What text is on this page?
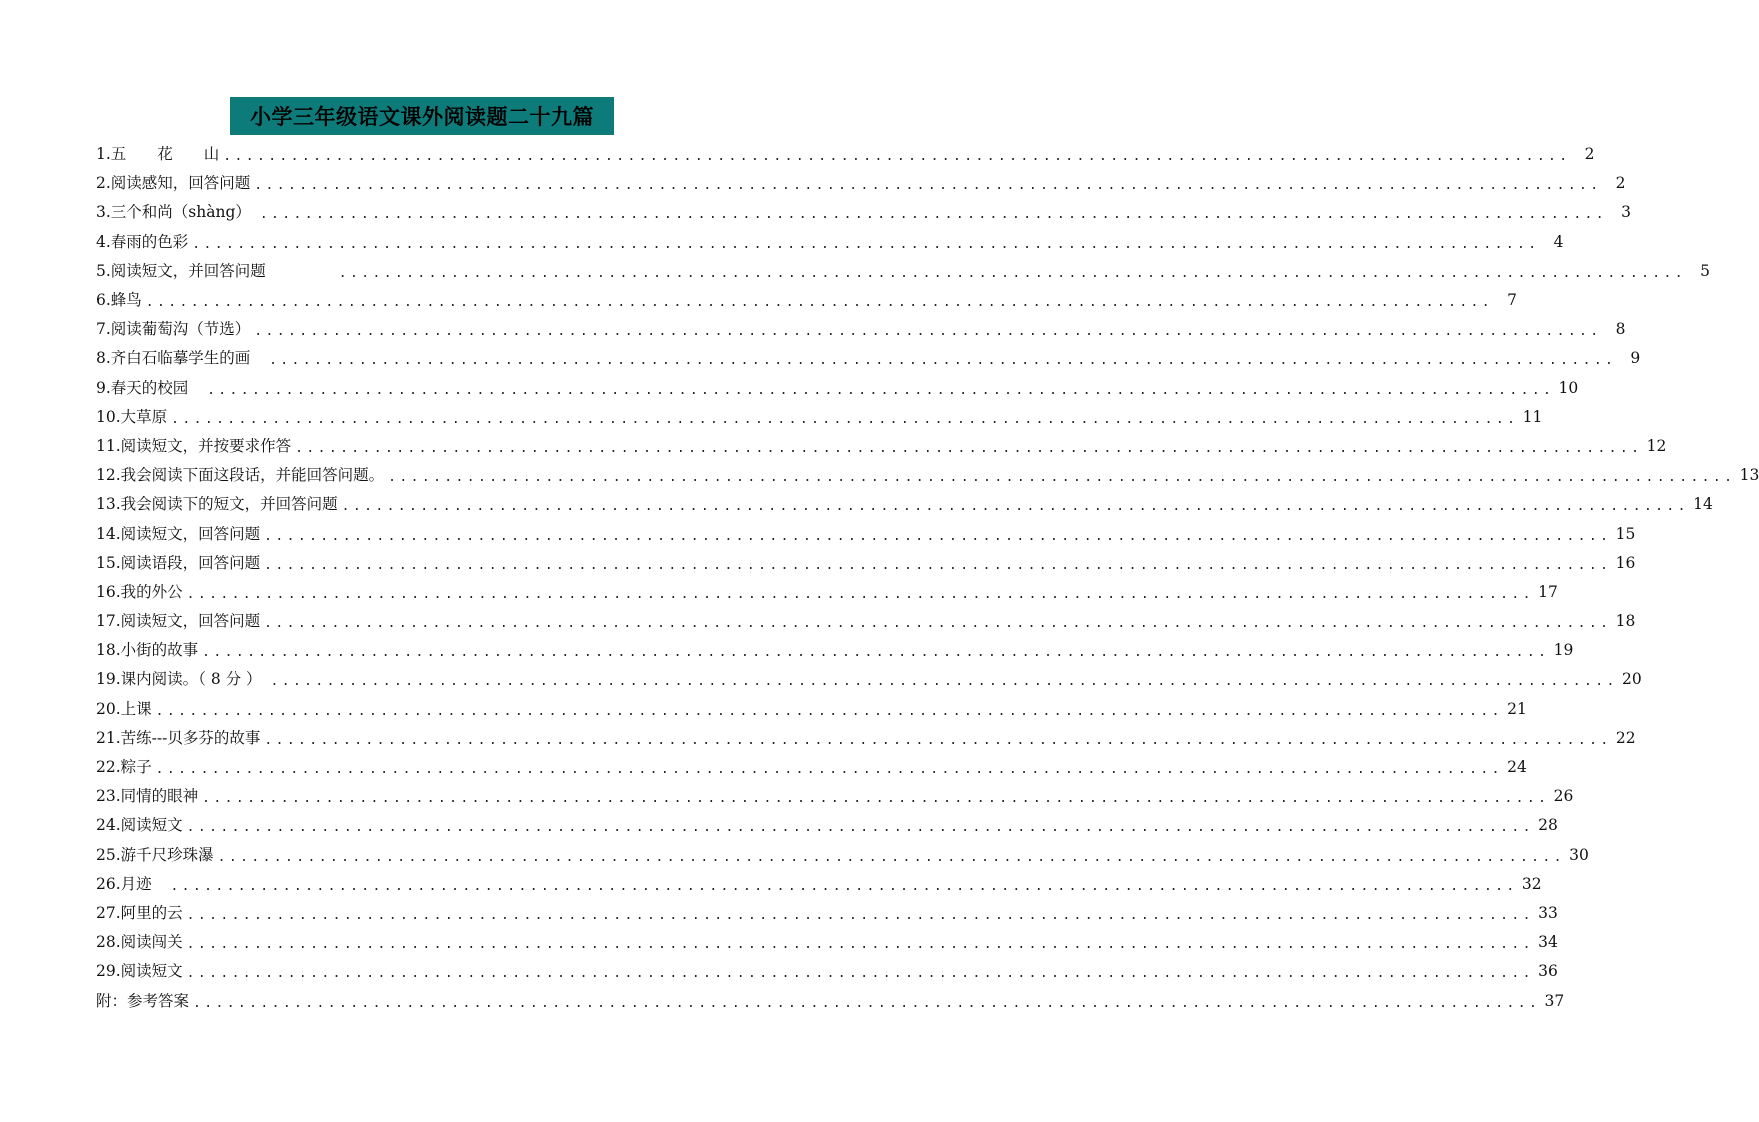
小学三年级语文课外阅读题二十九篇
1.五　　花　　山 ........................................................................................................................ 2
2.阅读感知，回答问题 ........................................................................................................................ 2
3.三个和尚（shàng） ........................................................................................................................ 3
4.春雨的色彩 ........................................................................................................................ 4
5.阅读短文，并回答问题 ........................................................................................................................ 5
6.蜂鸟 ........................................................................................................................ 7
7.阅读葡萄沟（节选） ........................................................................................................................ 8
8.齐白石临摹学生的画 ........................................................................................................................ 9
9.春天的校园 ........................................................................................................................ 10
10.大草原 ........................................................................................................................ 11
11.阅读短文，并按要求作答 ........................................................................................................................ 12
12.我会阅读下面这段话，并能回答问题。 ........................................................................................................................ 13
13.我会阅读下的短文，并回答问题 ........................................................................................................................ 14
14.阅读短文，回答问题 ........................................................................................................................ 15
15.阅读语段，回答问题 ........................................................................................................................ 16
16.我的外公 ........................................................................................................................ 17
17.阅读短文，回答问题 ........................................................................................................................ 18
18.小街的故事 ........................................................................................................................ 19
19.课内阅读。（ 8 分 ） ........................................................................................................................ 20
20.上课 ........................................................................................................................ 21
21.苦练---贝多芬的故事 ........................................................................................................................ 22
22.粽子 ........................................................................................................................ 24
23.同情的眼神 ........................................................................................................................ 26
24.阅读短文 ........................................................................................................................ 28
25.游千尺珍珠瀑 ........................................................................................................................ 30
26.月迹 ........................................................................................................................ 32
27.阿里的云 ........................................................................................................................ 33
28.阅读闯关 ........................................................................................................................ 34
29.阅读短文 ........................................................................................................................ 36
附：参考答案 ........................................................................................................................ 37
